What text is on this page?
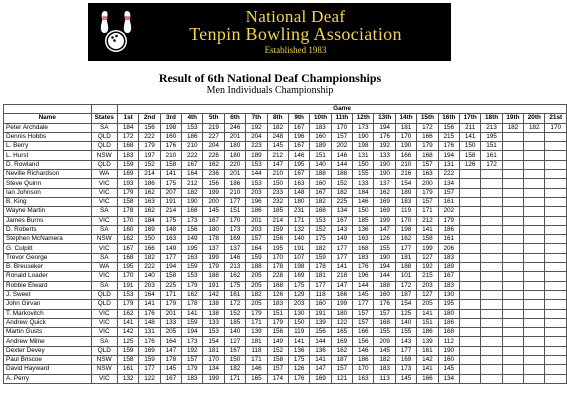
National Deaf
Tenpin Bowling Association
Established 1983
Result of 6th National Deaf Championships
Men Individuals Championship
		Game																				
Name	States	1st	2nd	3rd	4th	5th	6th	7th	8th	9th	10th	11th	12th	13th	14th	15th	16th	17th	18th	19th	20th	21st
Peter Archdale	SA	184	156	198	153	219	246	192	182	167	183	170	173	194	181	172	156	211	213	182	182	170
Dennis Hobbs	QLD	172	222	160	186	227	201	204	248	196	160	157	190	176	170	166	215	141	195			
L. Berry	QLD	168	179	176	210	204	180	223	145	167	189	202	198	192	190	179	176	150	151			
L. Hurst	NSW	183	197	210	222	226	180	189	212	146	151	146	131	133	166	168	194	158	161			
D. Rowland	QLD	159	152	158	167	162	220	153	147	195	140	144	150	190	210	157	131	126	172			
Neville Richardson	WA	169	214	141	164	236	201	144	210	167	188	188	155	190	216	163	222					
Steve Quinn	VIC	193	186	175	212	156	186	153	150	163	160	152	133	137	154	200	134					
Ian Johnson	VIC	179	162	207	182	199	210	203	233	148	167	182	184	162	189	179	157					
B. King	VIC	158	163	191	190	200	177	196	232	180	182	225	146	169	183	157	161					
Wayne Martin	SA	178	162	214	168	145	151	186	185	231	168	134	150	169	119	171	202					
James Burns	VIC	170	184	175	173	167	170	201	214	171	153	167	185	199	170	212	179					
D. Roberts	SA	160	169	148	156	180	173	203	159	132	152	143	136	147	198	141	186					
Stephen McNamera	NSW	162	150	163	149	178	169	157	156	140	175	149	163	126	162	158	161					
G. Culpitt	VIC	167	166	149	195	137	137	164	195	191	182	177	168	155	177	199	206					
Trevor George	SA	168	182	177	163	199	146	159	170	107	159	177	183	190	181	127	183					
B. Breuseker	WA	195	222	194	159	179	213	188	178	198	178	141	176	194	188	192	189					
Ronald Loader	VIC	170	140	158	153	188	162	205	228	169	181	218	196	144	101	215	167					
Robbie Elward	SA	191	203	225	179	191	175	205	168	175	177	147	144	188	172	203	183					
J. Sweet	QLD	153	164	171	162	142	161	182	126	129	118	166	145	160	187	127	130					
John Girvan	QLD	179	141	179	178	138	172	205	183	203	160	199	177	176	154	205	195					
T. Markovitch	VIC	162	176	201	141	138	152	179	151	130	191	180	157	157	125	141	180					
Andrew Quick	VIC	141	148	133	159	133	185	171	179	150	139	122	157	168	140	151	186					
Martin Gusts	VIC	142	131	205	194	153	140	139	156	119	156	165	166	155	155	186	168					
Andrew Milne	SA	125	176	164	173	154	127	181	149	141	144	169	156	209	143	139	112					
Dexter Devey	QLD	159	169	147	192	181	167	118	152	136	136	162	146	145	177	161	190					
Paul Briscoe	NSW	158	159	178	157	170	150	171	158	175	141	187	186	182	169	142	160					
David Hayward	NSW	161	177	145	179	134	182	146	157	126	147	157	170	183	173	141	145					
A. Perry	VIC	132	122	167	183	199	171	165	174	176	169	121	163	113	145	166	134					
